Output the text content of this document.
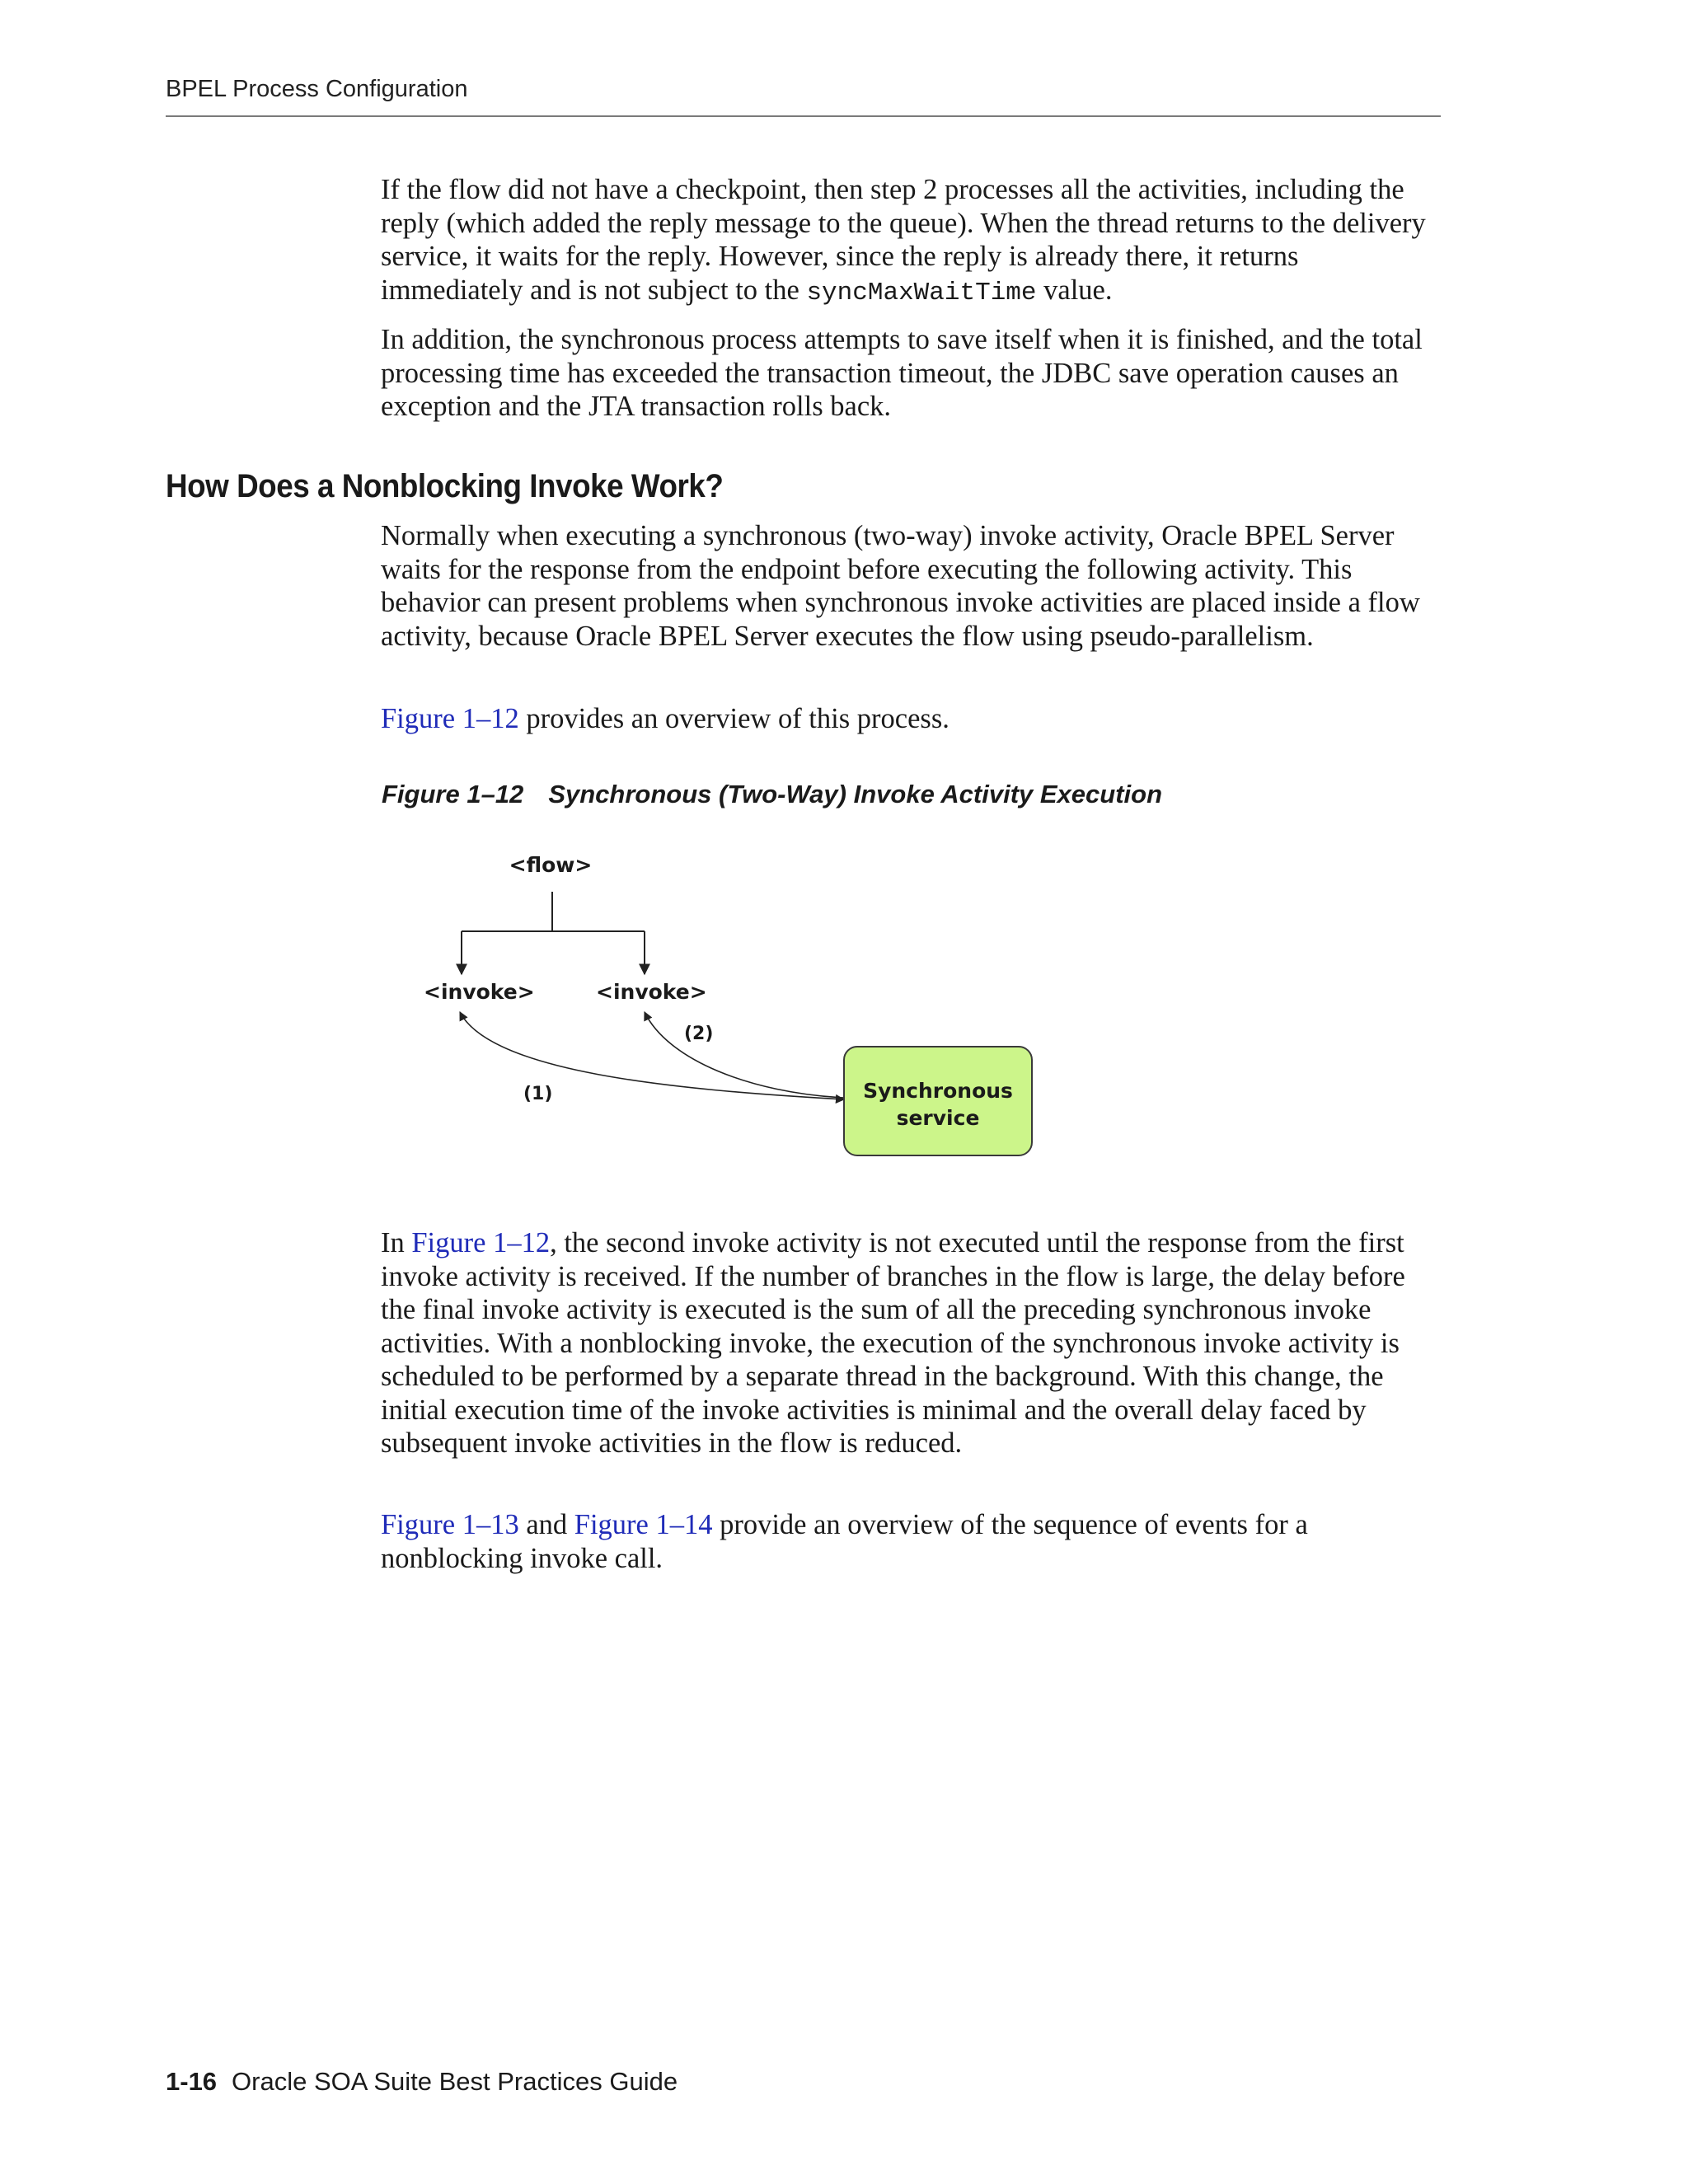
BPEL Process Configuration

If the flow did not have a checkpoint, then step 2 processes all the activities, including the reply (which added the reply message to the queue). When the thread returns to the delivery service, it waits for the reply. However, since the reply is already there, it returns immediately and is not subject to the syncMaxWaitTime value.

In addition, the synchronous process attempts to save itself when it is finished, and the total processing time has exceeded the transaction timeout, the JDBC save operation causes an exception and the JTA transaction rolls back.

How Does a Nonblocking Invoke Work?

Normally when executing a synchronous (two-way) invoke activity, Oracle BPEL Server waits for the response from the endpoint before executing the following activity. This behavior can present problems when synchronous invoke activities are placed inside a flow activity, because Oracle BPEL Server executes the flow using pseudo-parallelism.

Figure 1–12 provides an overview of this process.

Figure 1–12 Synchronous (Two-Way) Invoke Activity Execution

<flow>
<invoke>	<invoke>
(1)
(2)
Synchronous
service

In Figure 1–12, the second invoke activity is not executed until the response from the first invoke activity is received. If the number of branches in the flow is large, the delay before the final invoke activity is executed is the sum of all the preceding synchronous invoke activities. With a nonblocking invoke, the execution of the synchronous invoke activity is scheduled to be performed by a separate thread in the background. With this change, the initial execution time of the invoke activities is minimal and the overall delay faced by subsequent invoke activities in the flow is reduced.

Figure 1–13 and Figure 1–14 provide an overview of the sequence of events for a nonblocking invoke call.

1-16 Oracle SOA Suite Best Practices Guide
